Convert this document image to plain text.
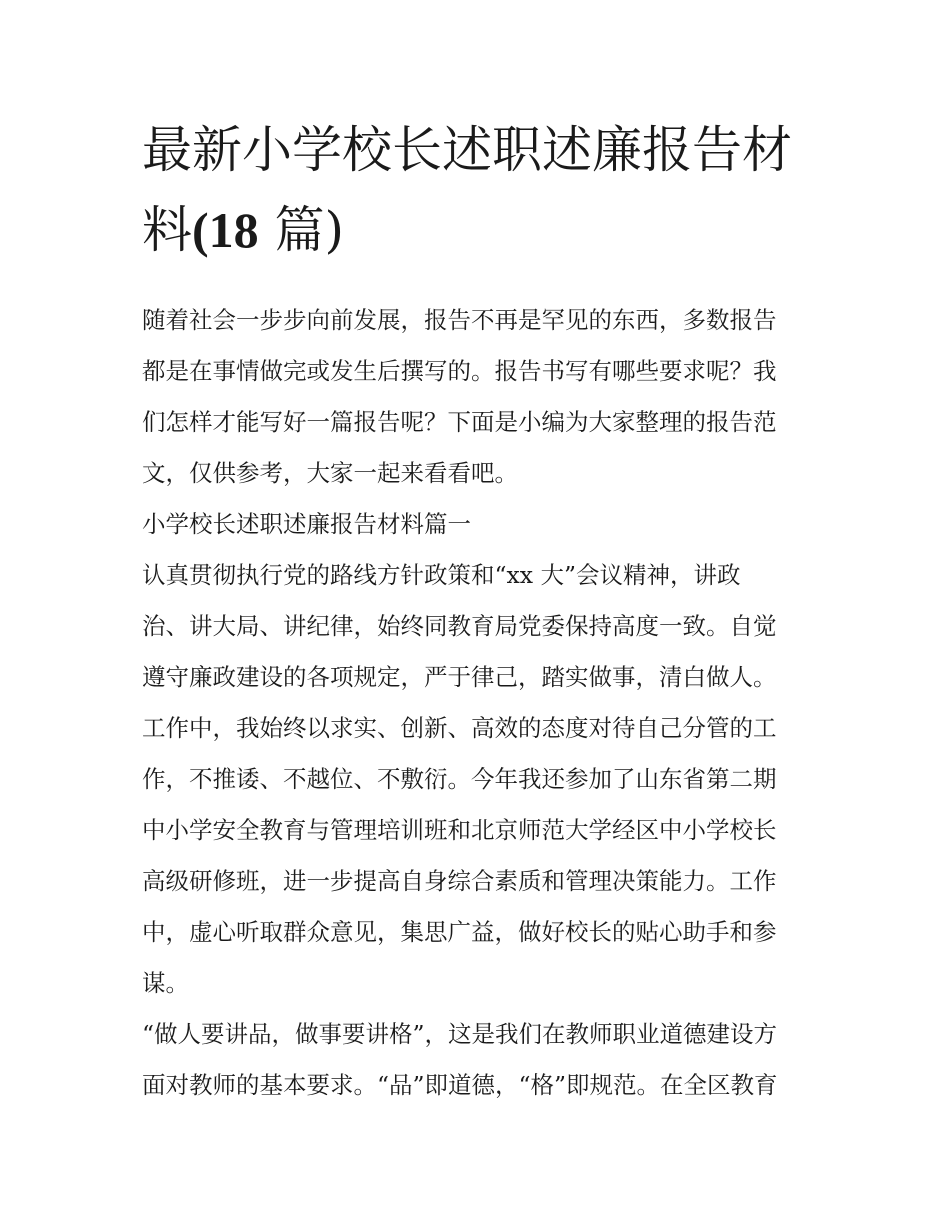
最新小学校长述职述廉报告材
料(18 篇)

随着社会一步步向前发展，报告不再是罕见的东西，多数报告
都是在事情做完或发生后撰写的。报告书写有哪些要求呢？我
们怎样才能写好一篇报告呢？下面是小编为大家整理的报告范
文，仅供参考，大家一起来看看吧。

小学校长述职述廉报告材料篇一

认真贯彻执行党的路线方针政策和“xx 大”会议精神，讲政
治、讲大局、讲纪律，始终同教育局党委保持高度一致。自觉
遵守廉政建设的各项规定，严于律己，踏实做事，清白做人。
工作中，我始终以求实、创新、高效的态度对待自己分管的工
作，不推诿、不越位、不敷衍。今年我还参加了山东省第二期
中小学安全教育与管理培训班和北京师范大学经区中小学校长
高级研修班，进一步提高自身综合素质和管理决策能力。工作
中，虚心听取群众意见，集思广益，做好校长的贴心助手和参
谋。

“做人要讲品，做事要讲格”，这是我们在教师职业道德建设方
面对教师的基本要求。“品”即道德，“格”即规范。在全区教育
